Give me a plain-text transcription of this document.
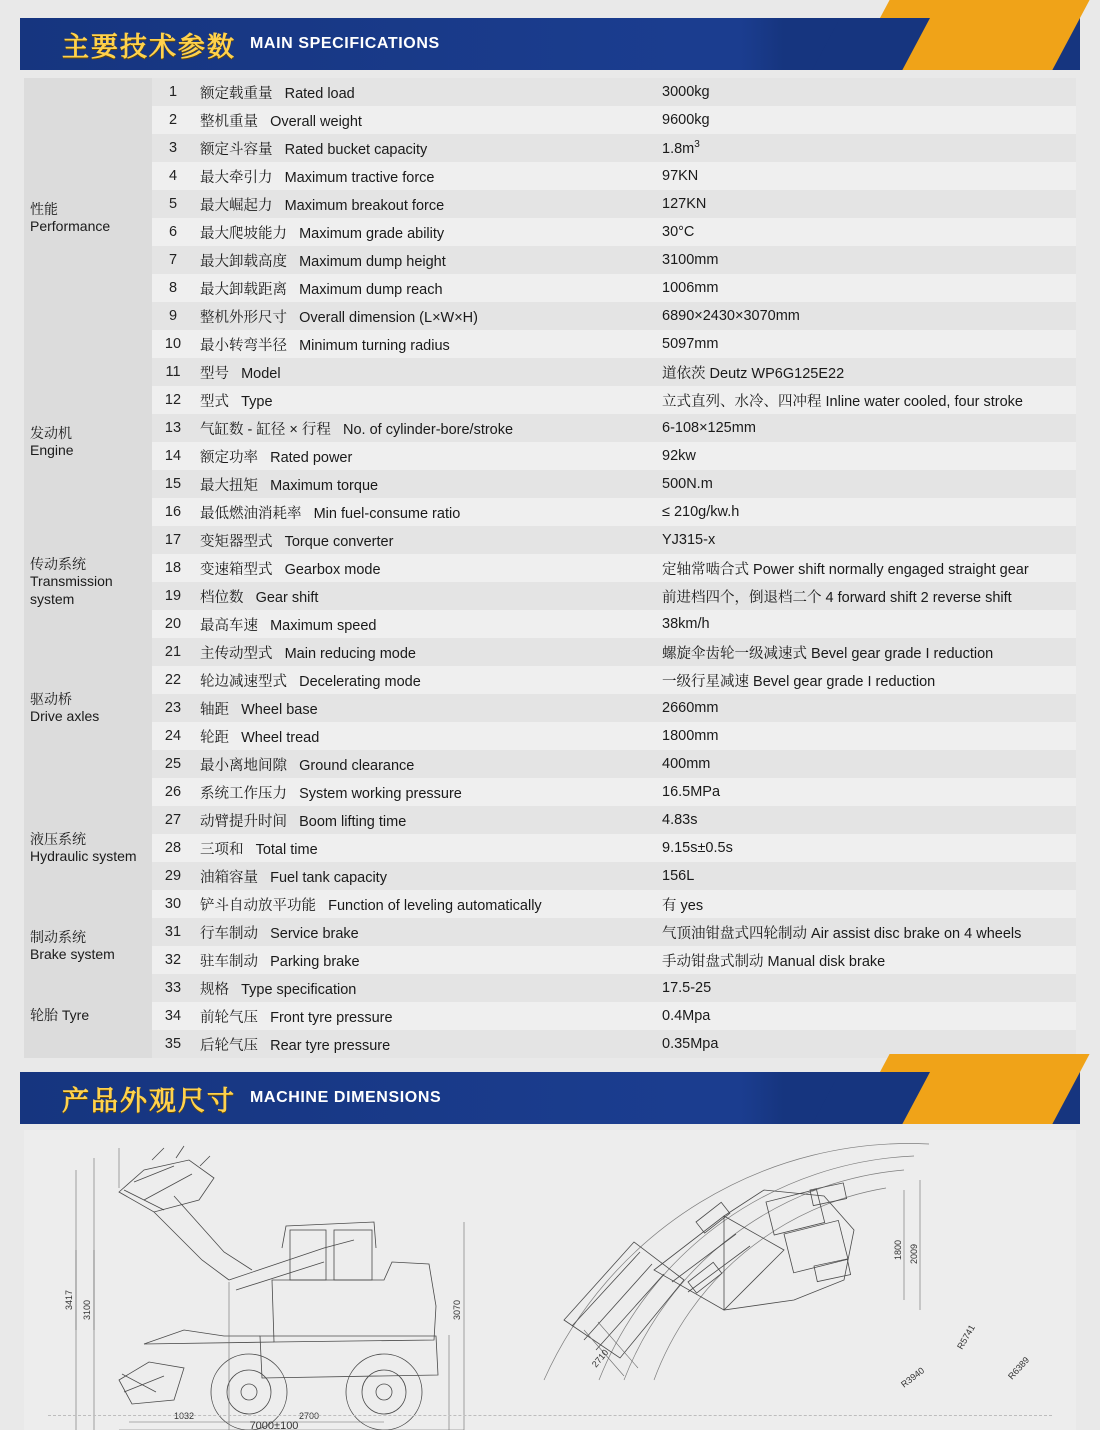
主要技术参数 MAIN SPECIFICATIONS
性能
Performance	1	额定载重量 Rated load	3000kg
	2	整机重量 Overall weight	9600kg
	3	额定斗容量 Rated bucket capacity	$1.8m^3$
	4	最大牵引力 Maximum tractive force	97KN
	5	最大崛起力 Maximum breakout force	127KN
	6	最大爬坡能力 Maximum grade ability	30°C
	7	最大卸载高度 Maximum dump height	3100mm
	8	最大卸载距离 Maximum dump reach	1006mm
	9	整机外形尺寸 Overall dimension (L×W×H)	6890×2430×3070mm
	10	最小转弯半径 Minimum turning radius	5097mm

发动机
Engine	11	型号 Model	道依茨 Deutz WP6G125E22
	12	型式 Type	立式直列、水冷、四冲程 Inline water cooled, four stroke
	13	气缸数 - 缸径 × 行程 No. of cylinder-bore/stroke	6-108×125mm
	14	额定功率 Rated power	92kw
	15	最大扭矩 Maximum torque	500N.m
	16	最低燃油消耗率 Min fuel-consume ratio	≤ 210g/kw.h

传动系统
Transmission system	17	变矩器型式 Torque converter	YJ315-x
	18	变速箱型式 Gearbox mode	定轴常啮合式 Power shift normally engaged straight gear
	19	档位数 Gear shift	前进档四个，倒退档二个 4 forward shift 2 reverse shift
	20	最高车速 Maximum speed	38km/h

驱动桥
Drive axles	21	主传动型式 Main reducing mode	螺旋伞齿轮一级减速式 Bevel gear grade I reduction
	22	轮边减速型式 Decelerating mode	一级行星减速 Bevel gear grade I reduction
	23	轴距 Wheel base	2660mm
	24	轮距 Wheel tread	1800mm
	25	最小离地间隙 Ground clearance	400mm

液压系统
Hydraulic system	26	系统工作压力 System working pressure	16.5MPa
	27	动臂提升时间 Boom lifting time	4.83s
	28	三项和 Total time	9.15s±0.5s
	29	油箱容量 Fuel tank capacity	156L
	30	铲斗自动放平功能 Function of leveling automatically	有 yes

制动系统
Brake system	31	行车制动 Service brake	气顶油钳盘式四轮制动 Air assist disc brake on 4 wheels
	32	驻车制动 Parking brake	手动钳盘式制动 Manual disk brake

轮胎 Tyre	33	规格 Type specification	17.5-25
	34	前轮气压 Front tyre pressure	0.4Mpa
	35	后轮气压 Rear tyre pressure	0.35Mpa
产品外观尺寸 MACHINE DIMENSIONS
3417 3100	3070
1032	2700
7000±100
1800 2009
2710
R3940
R5741
R6389
